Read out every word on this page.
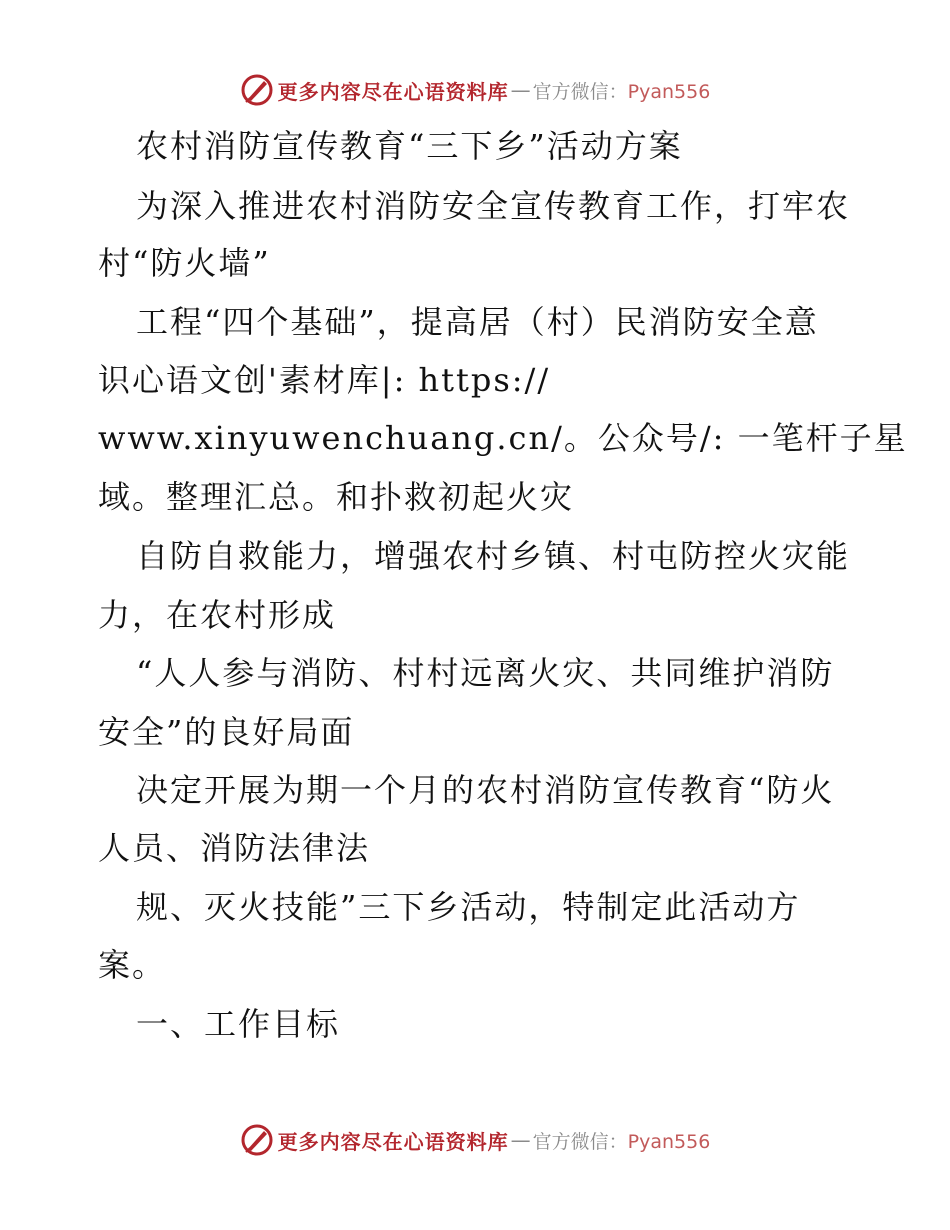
更多内容尽在心语资料库 — 官方微信：Pyan556
农村消防宣传教育“三下乡”活动方案
为深入推进农村消防安全宣传教育工作，打牢农
村“防火墙”
工程“四个基础”，提高居（村）民消防安全意
识心语文创'素材库|: https://
www.xinyuwenchuang.cn/。公众号/: 一笔杆子星
域。整理汇总。和扑救初起火灾
自防自救能力，增强农村乡镇、村屯防控火灾能
力，在农村形成
“人人参与消防、村村远离火灾、共同维护消防
安全”的良好局面
决定开展为期一个月的农村消防宣传教育“防火
人员、消防法律法
规、灭火技能”三下乡活动，特制定此活动方
案。
一、工作目标
更多内容尽在心语资料库 — 官方微信：Pyan556
